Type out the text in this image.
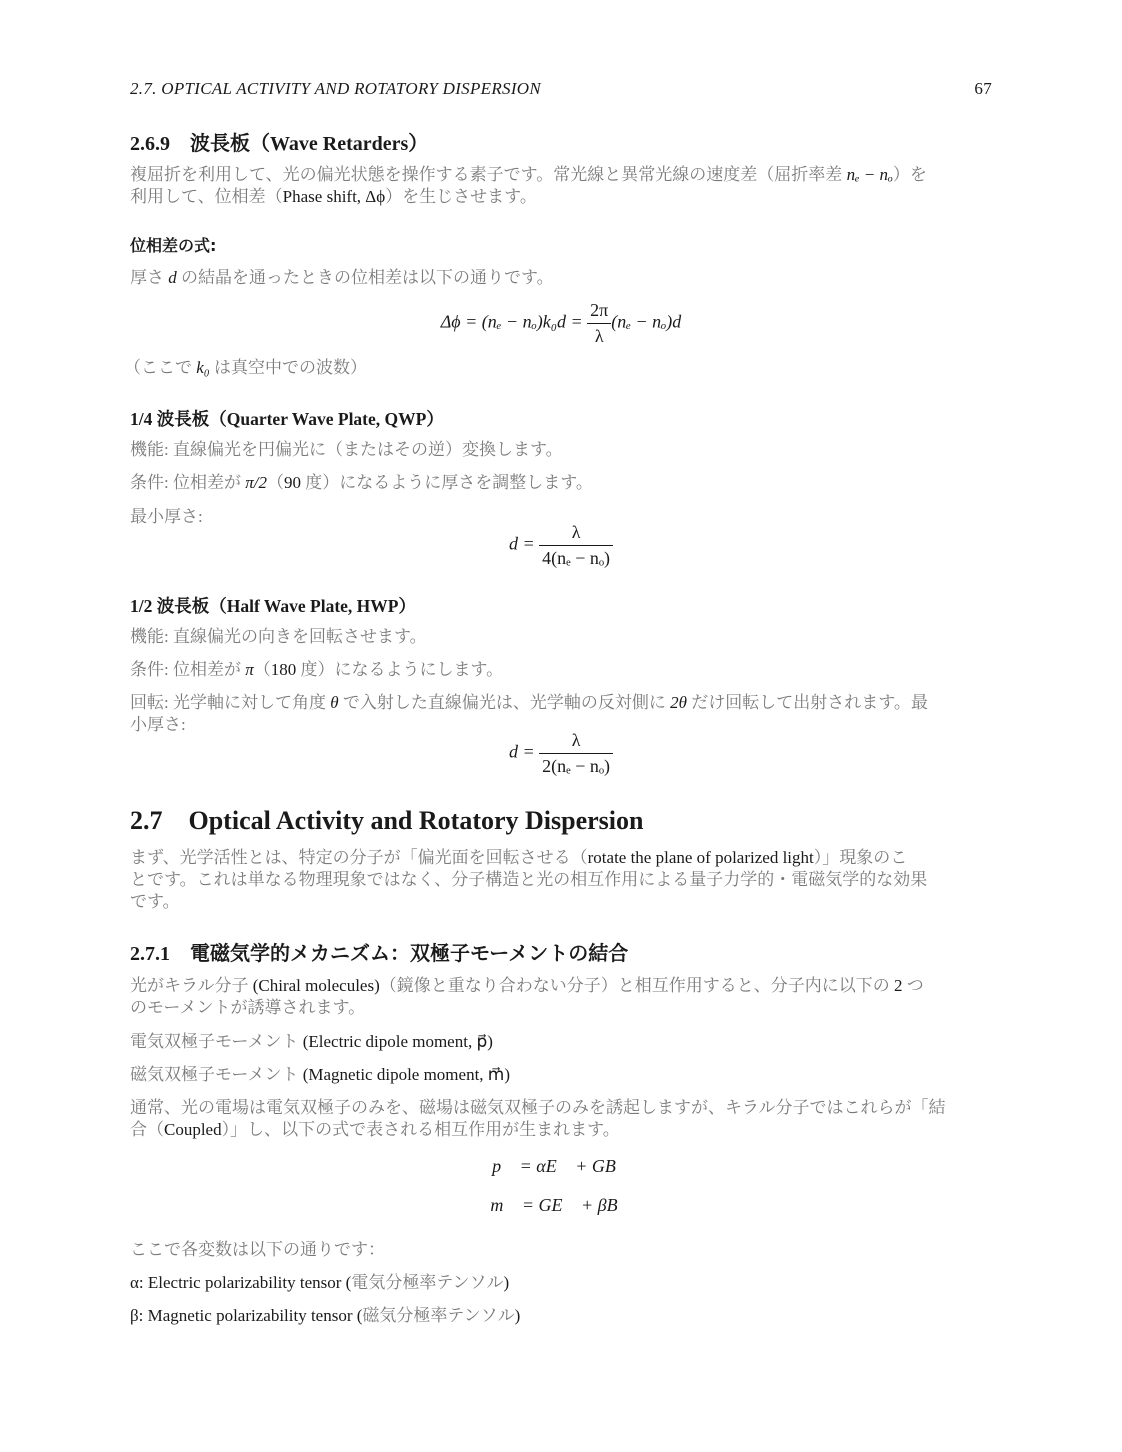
2.7. OPTICAL ACTIVITY AND ROTATORY DISPERSION	67
2.6.9　波長板（Wave Retarders）
複屈折を利用して、光の偏光状態を操作する素子です。常光線と異常光線の速度差（屈折率差 nₑ − nₒ）を
利用して、位相差（Phase shift, Δϕ）を生じさせます。
位相差の式:
厚さ d の結晶を通ったときの位相差は以下の通りです。
$\Delta\phi = (n_e - n_o)k_0d = \frac{2\pi}{\lambda} (n_e - n_o)d$
（ここで k₀ は真空中での波数）
1/4 波長板（Quarter Wave Plate, QWP）
機能: 直線偏光を円偏光に（またはその逆）変換します。
条件: 位相差が π/2（90 度）になるように厚さを調整します。
最小厚さ:
$d = \frac{\lambda}{\text{4(nₑ − nₒ)}}$
1/2 波長板（Half Wave Plate, HWP）
機能: 直線偏光の向きを回転させます。
条件: 位相差が π（180 度）になるようにします。
回転: 光学軸に対して角度 θ で入射した直線偏光は、光学軸の反対側に 2θ だけ回転して出射されます。最
小厚さ:
$d = \frac{\lambda}{\text{2(nₑ − nₒ)}}$
2.7　Optical Activity and Rotatory Dispersion
まず、光学活性とは、特定の分子が「偏光面を回転させる（rotate the plane of polarized light）」現象のこ
とです。これは単なる物理現象ではなく、分子構造と光の相互作用による量子力学的・電磁気学的な効果
です。
2.7.1　電磁気学的メカニズム：双極子モーメントの結合
光がキラル分子 (Chiral molecules)（鏡像と重なり合わない分子）と相互作用すると、分子内に以下の 2 つ
のモーメントが誘導されます。
電気双極子モーメント (Electric dipole moment, p⃗)
磁気双極子モーメント (Magnetic dipole moment, m⃗)
通常、光の電場は電気双極子のみを、磁場は磁気双極子のみを誘起しますが、キラル分子ではこれらが「結
合（Coupled）」し、以下の式で表される相互作用が生まれます。
p⃗ = αE⃗ + GB⃗
m⃗ = GE⃗ + βB⃗
ここで各変数は以下の通りです：
α: Electric polarizability tensor (電気分極率テンソル)
β: Magnetic polarizability tensor (磁気分極率テンソル)
